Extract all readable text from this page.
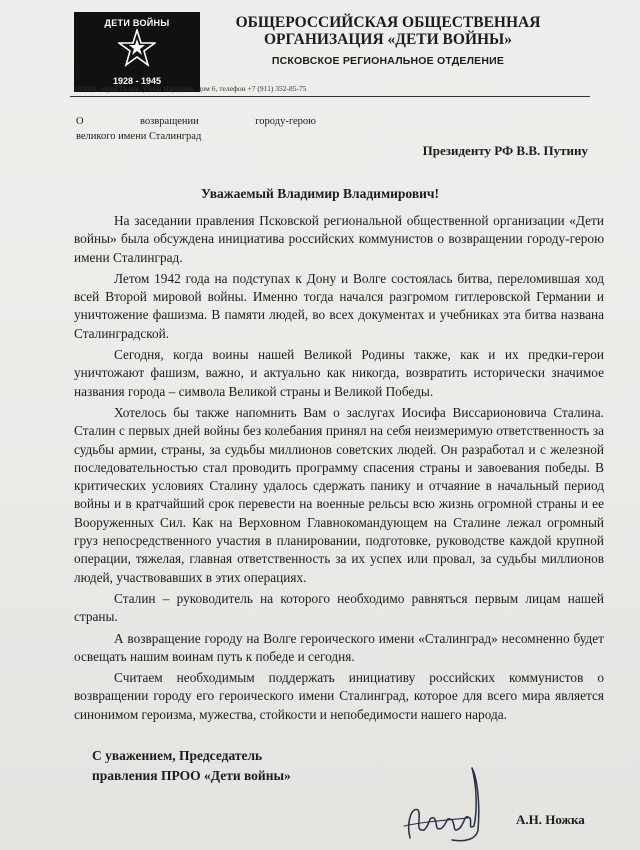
ДЕТИ ВОЙНЫ
1928 - 1945
ОБЩЕРОССИЙСКАЯ ОБЩЕСТВЕННАЯ
ОРГАНИЗАЦИЯ «ДЕТИ ВОЙНЫ»
ПСКОВСКОЕ РЕГИОНАЛЬНОЕ ОТДЕЛЕНИЕ
180000, город Псков, улица Народная, дом 6, телефон +7 (911) 352-85-75
О возвращении городу-герою
великого имени Сталинград
Президенту РФ В.В. Путину
Уважаемый Владимир Владимирович!

На заседании правления Псковской региональной общественной организации «Дети войны» была обсуждена инициатива российских коммунистов о возвращении городу-герою имени Сталинград.

Летом 1942 года на подступах к Дону и Волге состоялась битва, переломившая ход всей Второй мировой войны. Именно тогда начался разгромом гитлеровской Германии и уничтожение фашизма. В памяти людей, во всех документах и учебниках эта битва названа Сталинградской.

Сегодня, когда воины нашей Великой Родины также, как и их предки-герои уничтожают фашизм, важно, и актуально как никогда, возвратить исторически значимое названия города – символа Великой страны и Великой Победы.

Хотелось бы также напомнить Вам о заслугах Иосифа Виссарионовича Сталина. Сталин с первых дней войны без колебания принял на себя неизмеримую ответственность за судьбы армии, страны, за судьбы миллионов советских людей. Он разработал и с железной последовательностью стал проводить программу спасения страны и завоевания победы. В критических условиях Сталину удалось сдержать панику и отчаяние в начальный период войны и в кратчайший срок перевести на военные рельсы всю жизнь огромной страны и ее Вооруженных Сил. Как на Верховном Главнокомандующем на Сталине лежал огромный груз непосредственного участия в планировании, подготовке, руководстве каждой крупной операции, тяжелая, главная ответственность за их успех или провал, за судьбы миллионов людей, участвовавших в этих операциях.

Сталин – руководитель на которого необходимо равняться первым лицам нашей страны.

А возвращение городу на Волге героического имени «Сталинград» несомненно будет освещать нашим воинам путь к победе и сегодня.

Считаем необходимым поддержать инициативу российских коммунистов о возвращении городу его героического имени Сталинград, которое для всего мира является синонимом героизма, мужества, стойкости и непобедимости нашего народа.

С уважением, Председатель
правления ПРОО «Дети войны»
А.Н. Ножка
